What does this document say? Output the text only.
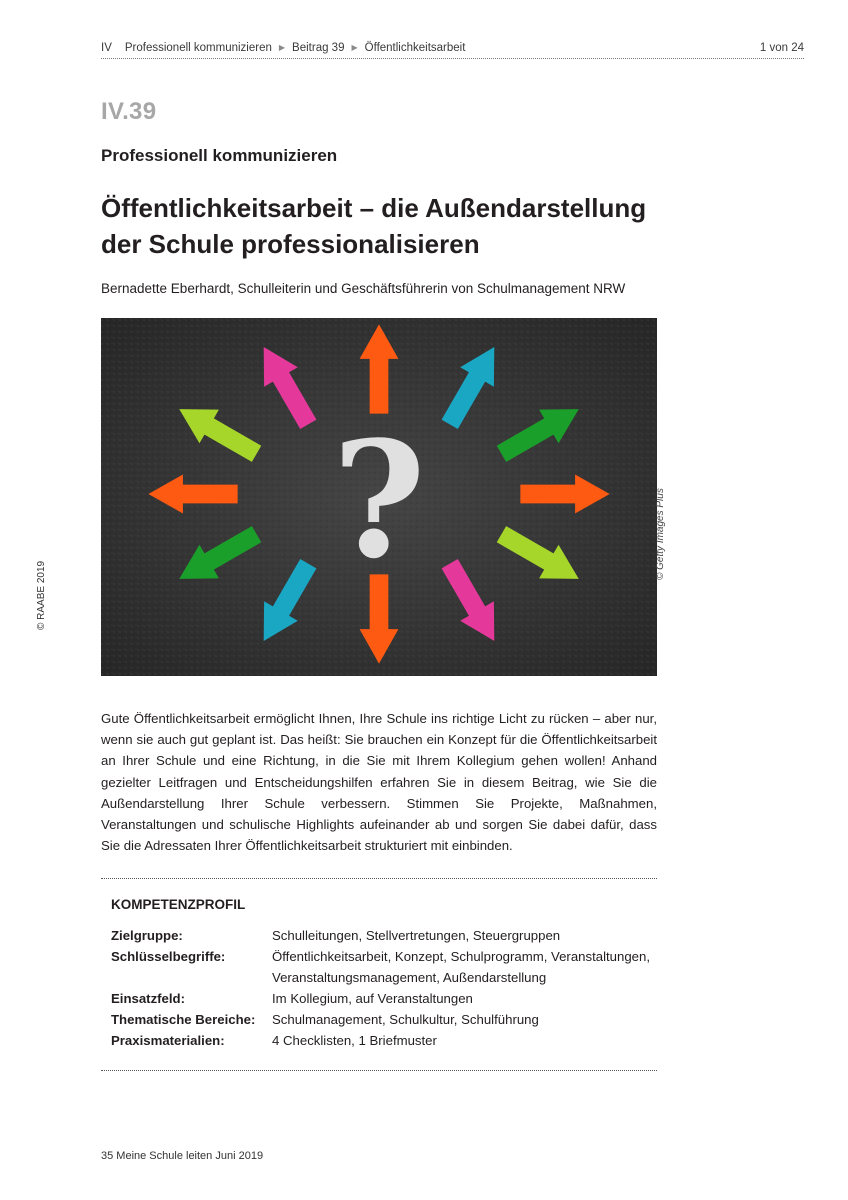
IV Professionell kommunizieren ▶ Beitrag 39 ▶ Öffentlichkeitsarbeit	1 von 24
IV.39
Professionell kommunizieren
Öffentlichkeitsarbeit – die Außendarstellung
der Schule professionalisieren
Bernadette Eberhardt, Schulleiterin und Geschäftsführerin von Schulmanagement NRW
?	© Getty Images Plus
© RAABE 2019
Gute Öffentlichkeitsarbeit ermöglicht Ihnen, Ihre Schule ins richtige Licht zu rücken – aber nur, wenn sie auch gut geplant ist. Das heißt: Sie brauchen ein Konzept für die Öffentlichkeitsarbeit an Ihrer Schule und eine Richtung, in die Sie mit Ihrem Kollegium gehen wollen! Anhand gezielter Leitfragen und Entscheidungshilfen erfahren Sie in diesem Beitrag, wie Sie die Außendarstellung Ihrer Schule verbessern. Stimmen Sie Projekte, Maßnahmen, Veranstaltungen und schulische Highlights aufeinander ab und sorgen Sie dabei dafür, dass Sie die Adressaten Ihrer Öffentlichkeitsarbeit strukturiert mit einbinden.
KOMPETENZPROFIL
Zielgruppe:	Schulleitungen, Stellvertretungen, Steuergruppen
Schlüsselbegriffe:	Öffentlichkeitsarbeit, Konzept, Schulprogramm, Veranstaltungen, Veranstaltungsmanagement, Außendarstellung
Einsatzfeld:	Im Kollegium, auf Veranstaltungen
Thematische Bereiche:	Schulmanagement, Schulkultur, Schulführung
Praxismaterialien:	4 Checklisten, 1 Briefmuster
35 Meine Schule leiten Juni 2019
